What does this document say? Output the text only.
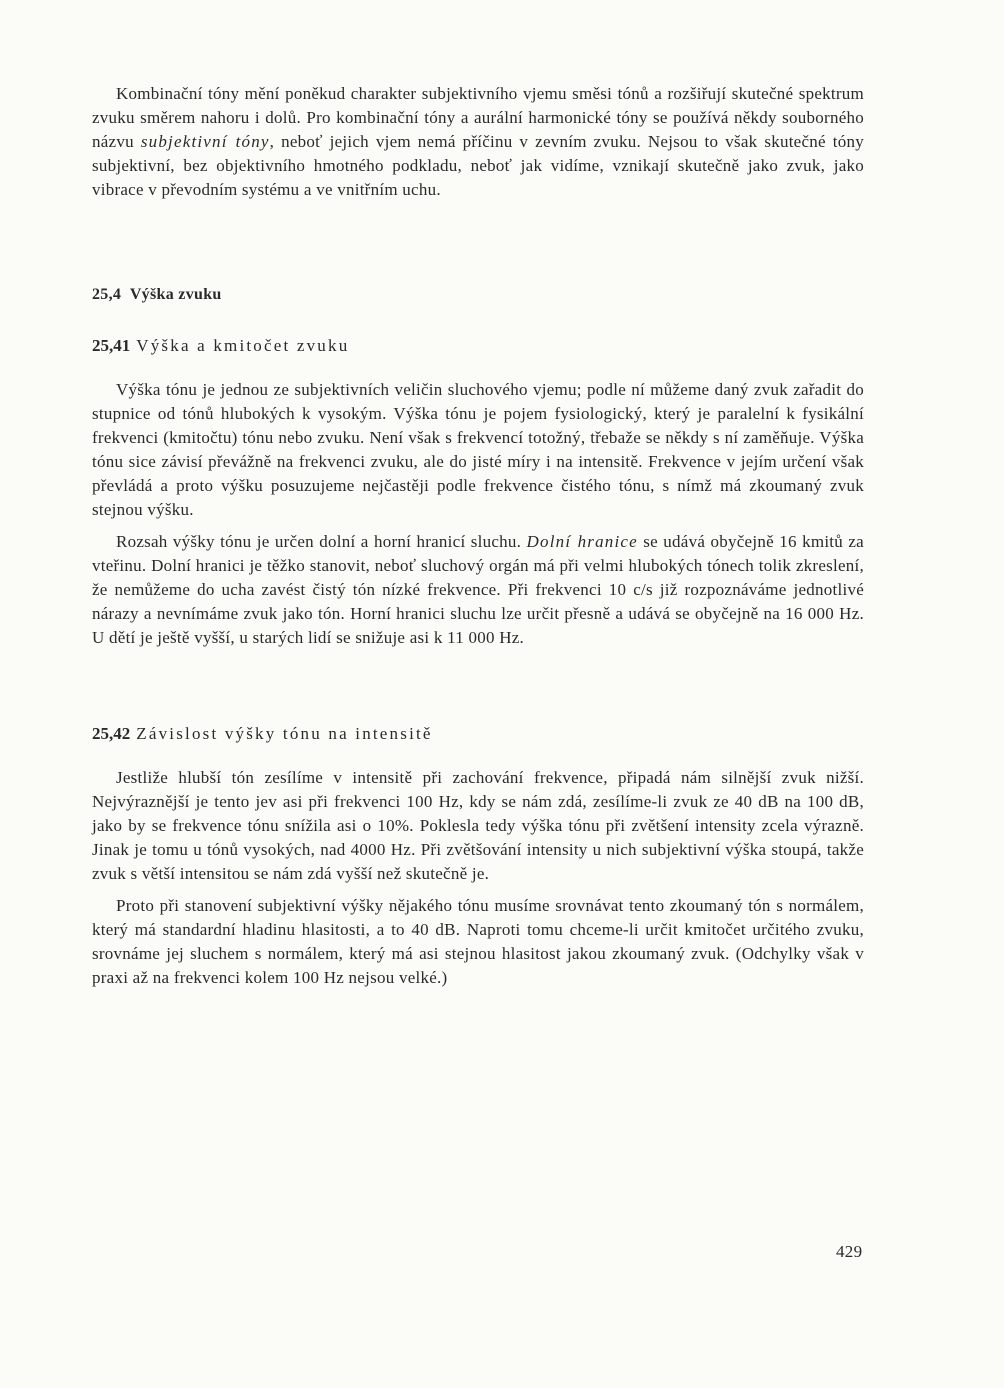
Kombinační tóny mění poněkud charakter subjektivního vjemu směsi tónů a rozšiřují skutečné spektrum zvuku směrem nahoru i dolů. Pro kombinační tóny a aurální harmonické tóny se používá někdy souborného názvu subjektivní tóny, neboť jejich vjem nemá příčinu v zevním zvuku. Nejsou to však skutečné tóny subjektivní, bez objektivního hmotného podkladu, neboť jak vidíme, vznikají skutečně jako zvuk, jako vibrace v převodním systému a ve vnitřním uchu.

25,4 Výška zvuku
25,41 Výška a kmitočet zvuku

Výška tónu je jednou ze subjektivních veličin sluchového vjemu; podle ní můžeme daný zvuk zařadit do stupnice od tónů hlubokých k vysokým. Výška tónu je pojem fysiologický, který je paralelní k fysikální frekvenci (kmitočtu) tónu nebo zvuku. Není však s frekvencí totožný, třebaže se někdy s ní zaměňuje. Výška tónu sice závisí převážně na frekvenci zvuku, ale do jisté míry i na intensitě. Frekvence v jejím určení však převládá a proto výšku posuzujeme nejčastěji podle frekvence čistého tónu, s nímž má zkoumaný zvuk stejnou výšku.

Rozsah výšky tónu je určen dolní a horní hranicí sluchu. Dolní hranice se udává obyčejně 16 kmitů za vteřinu. Dolní hranici je těžko stanovit, neboť sluchový orgán má při velmi hlubokých tónech tolik zkreslení, že nemůžeme do ucha zavést čistý tón nízké frekvence. Při frekvenci 10 c/s již rozpoznáváme jednotlivé nárazy a nevnímáme zvuk jako tón. Horní hranici sluchu lze určit přesně a udává se obyčejně na 16 000 Hz. U dětí je ještě vyšší, u starých lidí se snižuje asi k 11 000 Hz.

25,42 Závislost výšky tónu na intensitě

Jestliže hlubší tón zesílíme v intensitě při zachování frekvence, připadá nám silnější zvuk nižší. Nejvýraznější je tento jev asi při frekvenci 100 Hz, kdy se nám zdá, zesílíme-li zvuk ze 40 dB na 100 dB, jako by se frekvence tónu snížila asi o 10%. Poklesla tedy výška tónu při zvětšení intensity zcela výrazně. Jinak je tomu u tónů vysokých, nad 4000 Hz. Při zvětšování intensity u nich subjektivní výška stoupá, takže zvuk s větší intensitou se nám zdá vyšší než skutečně je.

Proto při stanovení subjektivní výšky nějakého tónu musíme srovnávat tento zkoumaný tón s normálem, který má standardní hladinu hlasitosti, a to 40 dB. Naproti tomu chceme-li určit kmitočet určitého zvuku, srovnáme jej sluchem s normálem, který má asi stejnou hlasitost jakou zkoumaný zvuk. (Odchylky však v praxi až na frekvenci kolem 100 Hz nejsou velké.)

429
